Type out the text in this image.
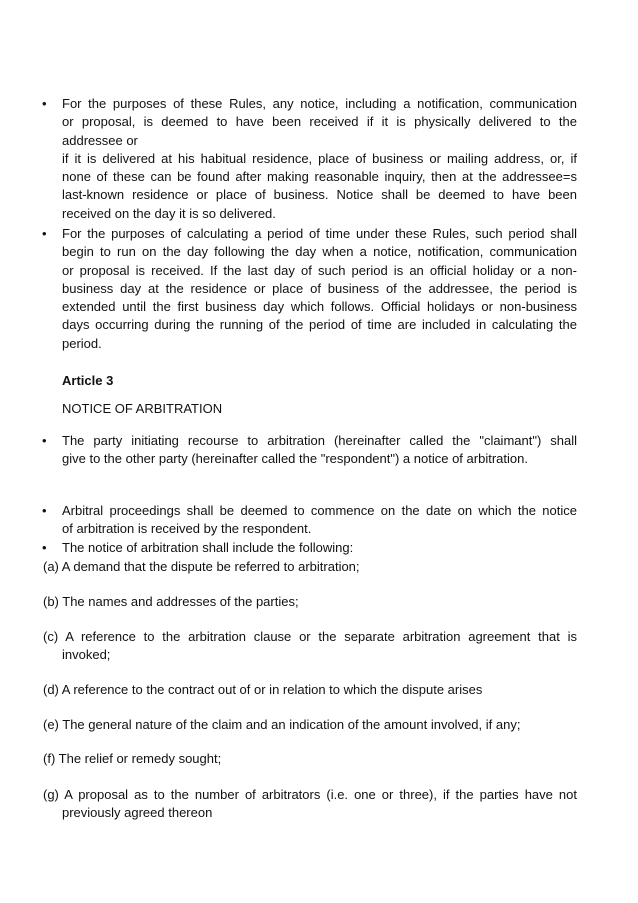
• For the purposes of these Rules, any notice, including a notification, communication
or proposal, is deemed to have been received if it is physically delivered to the
addressee or
if it is delivered at his habitual residence, place of business or mailing address, or, if
none of these can be found after making reasonable inquiry, then at the addressee=s
last-known residence or place of business. Notice shall be deemed to have been
received on the day it is so delivered.
• For the purposes of calculating a period of time under these Rules, such period shall
begin to run on the day following the day when a notice, notification, communication
or proposal is received. If the last day of such period is an official holiday or a non-
business day at the residence or place of business of the addressee, the period is
extended until the first business day which follows. Official holidays or non-business
days occurring during the running of the period of time are included in calculating the
period.
Article 3
NOTICE OF ARBITRATION
• The party initiating recourse to arbitration (hereinafter called the "claimant") shall
give to the other party (hereinafter called the "respondent") a notice of arbitration.
• Arbitral proceedings shall be deemed to commence on the date on which the notice
of arbitration is received by the respondent.
• The notice of arbitration shall include the following:
(a) A demand that the dispute be referred to arbitration;
(b) The names and addresses of the parties;
(c) A reference to the arbitration clause or the separate arbitration agreement that is
invoked;
(d) A reference to the contract out of or in relation to which the dispute arises
(e) The general nature of the claim and an indication of the amount involved, if any;
(f) The relief or remedy sought;
(g) A proposal as to the number of arbitrators (i.e. one or three), if the parties have not
previously agreed thereon
